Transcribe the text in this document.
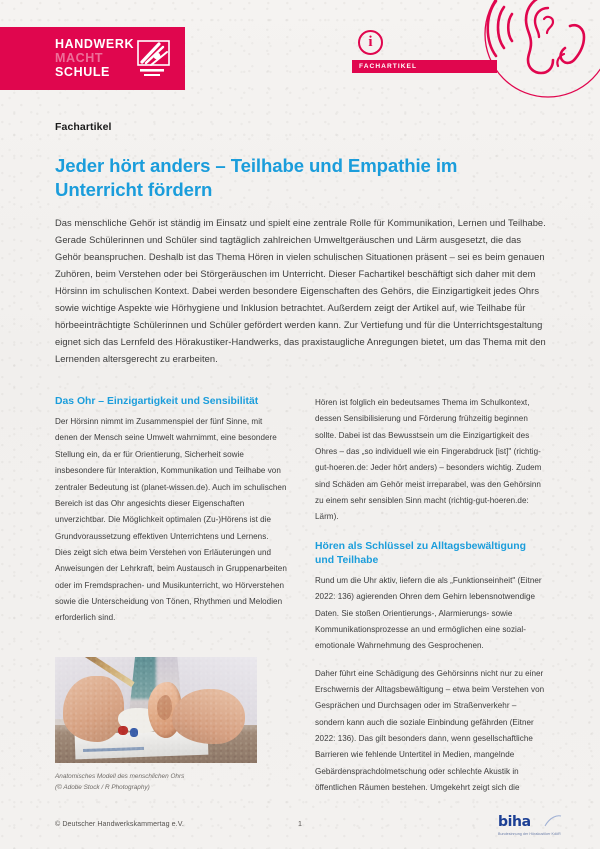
HANDWERK
MACHT
SCHULE
i
FACHARTIKEL
Fachartikel
Jeder hört anders – Teilhabe und Empathie im Unterricht fördern

Das menschliche Gehör ist ständig im Einsatz und spielt eine zentrale Rolle für Kommunikation, Lernen und Teilhabe. Gerade Schülerinnen und Schüler sind tagtäglich zahlreichen Umweltgeräuschen und Lärm ausgesetzt, die das Gehör beanspruchen. Deshalb ist das Thema Hören in vielen schulischen Situationen präsent – sei es beim genauen Zuhören, beim Verstehen oder bei Störgeräuschen im Unterricht. Dieser Fachartikel beschäftigt sich daher mit dem Hörsinn im schulischen Kontext. Dabei werden besondere Eigenschaften des Gehörs, die Einzigartigkeit jedes Ohrs sowie wichtige Aspekte wie Hörhygiene und Inklusion betrachtet. Außerdem zeigt der Artikel auf, wie Teilhabe für hörbeeinträchtigte Schülerinnen und Schüler gefördert werden kann. Zur Vertiefung und für die Unterrichtsgestaltung eignet sich das Lernfeld des Hörakustiker-Handwerks, das praxistaugliche Anregungen bietet, um das Thema mit den Lernenden altersgerecht zu erarbeiten.

Das Ohr – Einzigartigkeit und Sensibilität

Der Hörsinn nimmt im Zusammenspiel der fünf Sinne, mit denen der Mensch seine Umwelt wahrnimmt, eine besondere Stellung ein, da er für Orientierung, Sicherheit sowie insbesondere für Interaktion, Kommunikation und Teilhabe von zentraler Bedeutung ist (planet-wissen.de). Auch im schulischen Bereich ist das Ohr angesichts dieser Eigenschaften unverzichtbar. Die Möglichkeit optimalen (Zu-)Hörens ist die Grundvoraussetzung effektiven Unterrichtens und Lernens. Dies zeigt sich etwa beim Verstehen von Erläuterungen und Anweisungen der Lehrkraft, beim Austausch in Gruppenarbeiten oder im Fremdsprachen- und Musikunterricht, wo Hörverstehen sowie die Unterscheidung von Tönen, Rhythmen und Melodien erforderlich sind.

Anatomisches Modell des menschlichen Ohrs
(© Adobe Stock / R Photography)

Hören ist folglich ein bedeutsames Thema im Schulkontext, dessen Sensibilisierung und Förderung frühzeitig beginnen sollte. Dabei ist das Bewusstsein um die Einzigartigkeit des Ohres – das „so individuell wie ein Fingerabdruck [ist]" (richtig-gut-hoeren.de: Jeder hört anders) – besonders wichtig. Zudem sind Schäden am Gehör meist irreparabel, was den Gehörsinn zu einem sehr sensiblen Sinn macht (richtig-gut-hoeren.de: Lärm).

Hören als Schlüssel zu Alltagsbewältigung und Teilhabe

Rund um die Uhr aktiv, liefern die als „Funktionseinheit" (Eitner 2022: 136) agierenden Ohren dem Gehirn lebensnotwendige Daten. Sie stoßen Orientierungs-, Alarmierungs- sowie Kommunikationsprozesse an und ermöglichen eine sozial-emotionale Wahrnehmung des Gesprochenen.

Daher führt eine Schädigung des Gehörsinns nicht nur zu einer Erschwernis der Alltagsbewältigung – etwa beim Verstehen von Gesprächen und Durchsagen oder im Straßenverkehr – sondern kann auch die soziale Einbindung gefährden (Eitner 2022: 136). Das gilt besonders dann, wenn gesellschaftliche Barrieren wie fehlende Untertitel in Medien, mangelnde Gebärdensprachdolmetschung oder schlechte Akustik in öffentlichen Räumen bestehen. Umgekehrt zeigt sich die

© Deutscher Handwerkskammertag e.V.	1	biha
Bundesinnung der Hörakustiker KdöR
